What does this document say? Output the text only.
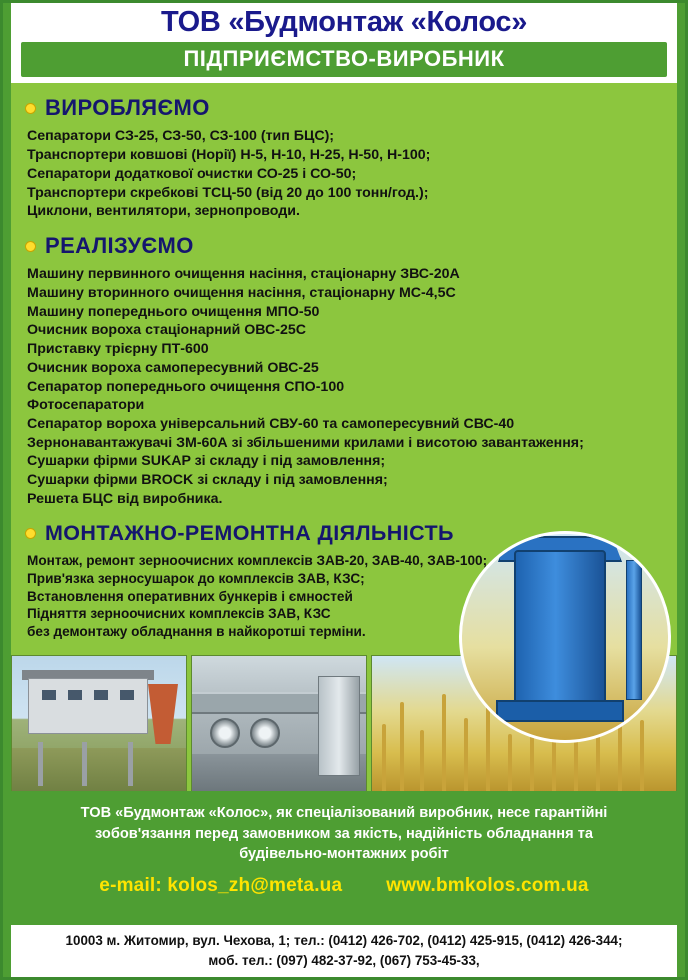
ТОВ «Будмонтаж «Колос»
ПІДПРИЄМСТВО-ВИРОБНИК
ВИРОБЛЯЄМО
Сепаратори СЗ-25, СЗ-50, СЗ-100 (тип БЦС);
Транспортери ковшові (Норії) Н-5, Н-10, Н-25, Н-50, Н-100;
Сепаратори додаткової очистки СО-25 і СО-50;
Транспортери скребкові ТСЦ-50 (від 20 до 100 тонн/год.);
Циклони, вентилятори, зернопроводи.
РЕАЛІЗУЄМО
Машину первинного очищення насіння, стаціонарну ЗВС-20А
Машину вторинного очищення насіння, стаціонарну МС-4,5С
Машину попереднього очищення МПО-50
Очисник вороха стаціонарний ОВС-25С
Приставку трієрну ПТ-600
Очисник вороха самопересувний ОВС-25
Сепаратор попереднього очищення СПО-100
Фотосепаратори
Сепаратор вороха універсальний СВУ-60 та самопересувний СВС-40
Зернонавантажувачі ЗМ-60А зі збільшеними крилами і висотою завантаження;
Сушарки фірми SUKAP зі складу і під замовлення;
Сушарки фірми BROCK зі складу і під замовлення;
Решета БЦС від виробника.
МОНТАЖНО-РЕМОНТНА ДІЯЛЬНІСТЬ
Монтаж, ремонт зерноочисних комплексів ЗАВ-20, ЗАВ-40, ЗАВ-100;
Прив'язка зерносушарок до комплексів ЗАВ, КЗС;
Встановлення оперативних бункерів і ємностей
Підняття зерноочисних комплексів ЗАВ, КЗС
без демонтажу обладнання в найкоротші терміни.
ТОВ «Будмонтаж «Колос», як спеціалізований виробник, несе гарантійні
зобов'язання перед замовником за якість, надійність обладнання та
будівельно-монтажних робіт
e-mail: kolos_zh@meta.ua www.bmkolos.com.ua
10003 м. Житомир, вул. Чехова, 1; тел.: (0412) 426-702, (0412) 425-915, (0412) 426-344;
моб. тел.: (097) 482-37-92, (067) 753-45-33,
